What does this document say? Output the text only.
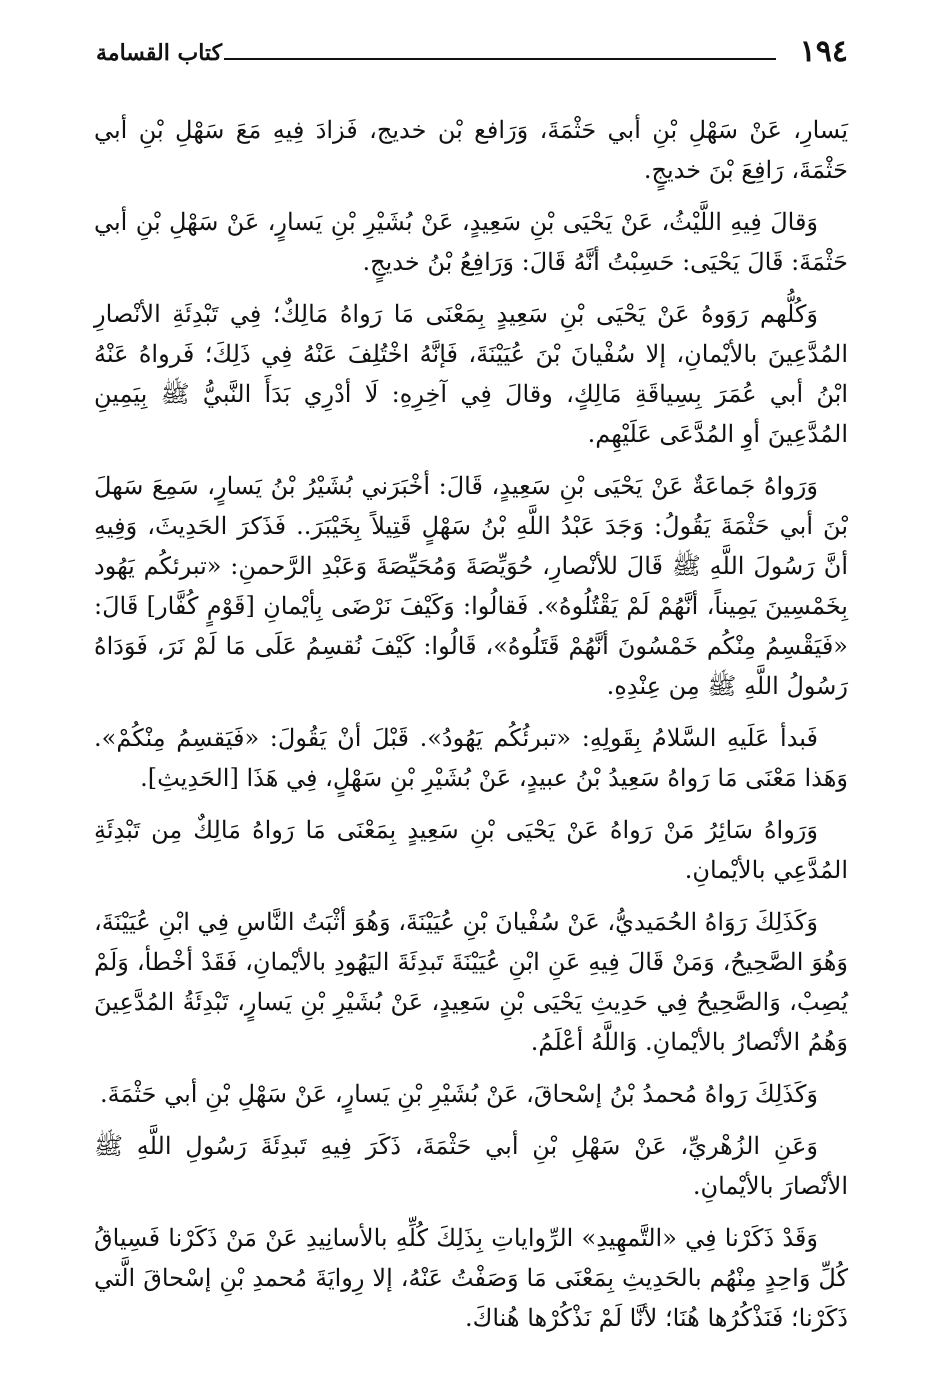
١٩٤
كتاب القسامة

يَسارِ، عَنْ سَهْلِ بْنِ أبي حَثْمَةَ، وَرَافع بْن خديج، فَزادَ فِيهِ مَعَ سَهْلِ بْنِ أبي حَثْمَةَ، رَافِعَ بْنَ خديجٍ.

وَقالَ فِيهِ اللَّيْثُ، عَنْ يَحْيَى بْنِ سَعِيدٍ، عَنْ بُشَيْرِ بْنِ يَسارٍ، عَنْ سَهْلِ بْنِ أبي حَثْمَةَ: قَالَ يَحْيَى: حَسِبْتُ أنَّهُ قَالَ: وَرَافِعُ بْنُ خديجٍ.

وَكُلُّهم رَوَوهُ عَنْ يَحْيَى بْنِ سَعِيدٍ بِمَعْنَى مَا رَواهُ مَالِكٌ؛ فِي تَبْدِئَةِ الأنْصارِ المُدَّعِينَ بالأيْمانِ، إلا سُفْيانَ بْنَ عُيَيْنَةَ، فَإنَّهُ اخْتُلِفَ عَنْهُ فِي ذَلِكَ؛ فَرواهُ عَنْهُ ابْنُ أبي عُمَرَ بِسِياقَةِ مَالِكٍ، وقالَ فِي آخِرِهِ: لَا أدْرِي بَدَأَ النَّبيُّ ﷺ بِيَمِينِ المُدَّعِينَ أوِ المُدَّعَى عَلَيْهِم.

وَرَواهُ جَماعَةٌ عَنْ يَحْيَى بْنِ سَعِيدٍ، قَالَ: أخْبَرَني بُشَيْرُ بْنُ يَسارٍ، سَمِعَ سَهلَ بْنَ أبي حَثْمَةَ يَقُولُ: وَجَدَ عَبْدُ اللَّهِ بْنُ سَهْلٍ قَتِيلاً بِخَيْبَرَ.. فَذَكرَ الحَدِيثَ، وَفِيهِ أنَّ رَسُولَ اللَّهِ ﷺ قَالَ للأنْصارِ، حُوَيِّصَةَ وَمُحَيِّصَةَ وَعَبْدِ الرَّحمنِ: «تبرئكُم يَهُود بِخَمْسِينَ يَمِيناً، أنَّهُمْ لَمْ يَقْتُلُوهُ». فَقالُوا: وَكَيْفَ نَرْضَى بِأيْمانِ [قَوْمٍ كُفَّار] قَالَ: «فَيَقْسِمُ مِنْكُم خَمْسُونَ أنَّهُمْ قَتَلُوهُ»، قَالُوا: كَيْفَ نُقسِمُ عَلَى مَا لَمْ نَرَ، فَوَدَاهُ رَسُولُ اللَّهِ ﷺ مِن عِنْدِهِ.

فَبدأ عَلَيهِ السَّلامُ بِقَولِهِ: «تبرئُكُم يَهُودُ». قَبْلَ أنْ يَقُولَ: «فَيَقسِمُ مِنْكُمْ». وَهَذا مَعْنَى مَا رَواهُ سَعِيدُ بْنُ عبيدٍ، عَنْ بُشَيْرِ بْنِ سَهْلٍ، فِي هَذَا [الحَدِيثِ].

وَرَواهُ سَائِرُ مَنْ رَواهُ عَنْ يَحْيَى بْنِ سَعِيدٍ بِمَعْنَى مَا رَواهُ مَالِكٌ مِن تَبْدِئَةِ المُدَّعِي بالأيْمانِ.

وَكَذَلِكَ رَوَاهُ الحُمَيديُّ، عَنْ سُفْيانَ بْنِ عُيَيْنَةَ، وَهُوَ أثْبَتُ النَّاسِ فِي ابْنِ عُيَيْنَةَ، وَهُوَ الصَّحِيحُ، وَمَنْ قَالَ فِيهِ عَنِ ابْنِ عُيَيْنَةَ تَبدِئَةَ اليَهُودِ بالأيْمانِ، فَقَدْ أخْطأ، وَلَمْ يُصِبْ، وَالصَّحِيحُ فِي حَدِيثِ يَحْيَى بْنِ سَعِيدٍ، عَنْ بُشَيْرِ بْنِ يَسارٍ، تَبْدِئَةُ المُدَّعِينَ وَهُمُ الأنْصارُ بالأيْمانِ. وَاللَّهُ أعْلَمُ.

وَكَذَلِكَ رَواهُ مُحمدُ بْنُ إسْحاقَ، عَنْ بُشَيْرِ بْنِ يَسارٍ، عَنْ سَهْلِ بْنِ أبي حَثْمَةَ.

وَعَنِ الزُهْريِّ، عَنْ سَهْلِ بْنِ أبي حَثْمَةَ، ذَكَرَ فِيهِ تَبدِئَةَ رَسُولِ اللَّهِ ﷺ الأنْصارَ بالأيْمانِ.

وَقَدْ ذَكَرْنا فِي «التَّمهِيدِ» الرِّواياتِ بِذَلِكَ كُلِّهِ بالأسانِيدِ عَنْ مَنْ ذَكَرْنا فَسِياقُ كُلِّ وَاحِدٍ مِنْهُم بالحَدِيثِ بِمَعْنَى مَا وَصَفْتُ عَنْهُ، إلا رِوايَةَ مُحمدِ بْنِ إسْحاقَ الَّتي ذَكَرْنا؛ فَنَذْكُرُها هُنَا؛ لأنَّا لَمْ نَذْكُرْها هُناكَ.
